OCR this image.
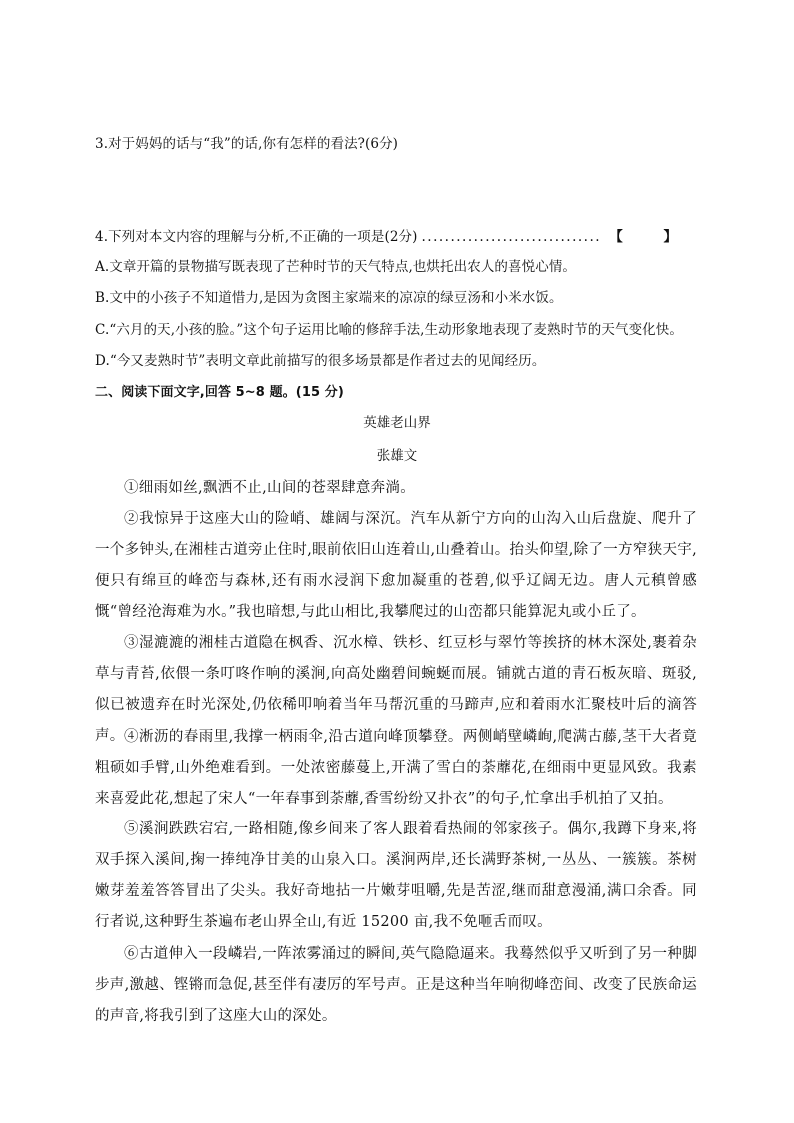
3.对于妈妈的话与“我”的话,你有怎样的看法?(6分)
4.下列对本文内容的理解与分析,不正确的一项是(2分) ............................... 【 】
A.文章开篇的景物描写既表现了芒种时节的天气特点,也烘托出农人的喜悦心情。
B.文中的小孩子不知道惜力,是因为贪图主家端来的凉凉的绿豆汤和小米水饭。
C.“六月的天,小孩的脸。”这个句子运用比喻的修辞手法,生动形象地表现了麦熟时节的天气变化快。
D.“今又麦熟时节”表明文章此前描写的很多场景都是作者过去的见闻经历。
二、阅读下面文字,回答 5~8 题。(15 分)
英雄老山界
张雄文

①细雨如丝,飘洒不止,山间的苍翠肆意奔淌。

②我惊异于这座大山的险峭、雄阔与深沉。汽车从新宁方向的山沟入山后盘旋、爬升了一个多钟头,在湘桂古道旁止住时,眼前依旧山连着山,山叠着山。抬头仰望,除了一方窄狭天宇,便只有绵亘的峰峦与森林,还有雨水浸润下愈加凝重的苍碧,似乎辽阔无边。唐人元稹曾感慨“曾经沧海难为水。”我也暗想,与此山相比,我攀爬过的山峦都只能算泥丸或小丘了。

③湿漉漉的湘桂古道隐在枫香、沉水樟、铁杉、红豆杉与翠竹等挨挤的林木深处,裹着杂草与青苔,依偎一条叮咚作响的溪涧,向高处幽碧间蜿蜒而展。铺就古道的青石板灰暗、斑驳,似已被遗弃在时光深处,仍依稀叩响着当年马帮沉重的马蹄声,应和着雨水汇聚枝叶后的滴答声。 ④淅沥的春雨里,我撑一柄雨伞,沿古道向峰顶攀登。两侧峭壁嶙峋,爬满古藤,茎干大者竟粗硕如手臂,山外绝难看到。一处浓密藤蔓上,开满了雪白的荼蘼花,在细雨中更显风致。我素来喜爱此花,想起了宋人“一年春事到荼蘼,香雪纷纷又扑衣”的句子,忙拿出手机拍了又拍。

⑤溪涧跌跌宕宕,一路相随,像乡间来了客人跟着看热闹的邻家孩子。偶尔,我蹲下身来,将双手探入溪间,掬一捧纯净甘美的山泉入口。溪涧两岸,还长满野茶树,一丛丛、一簇簇。茶树嫩芽羞羞答答冒出了尖头。我好奇地拈一片嫩芽咀嚼,先是苦涩,继而甜意漫涌,满口余香。同行者说,这种野生茶遍布老山界全山,有近 15200 亩,我不免咂舌而叹。

⑥古道伸入一段嶙岩,一阵浓雾涌过的瞬间,英气隐隐逼来。我蓦然似乎又听到了另一种脚步声,激越、铿锵而急促,甚至伴有凄厉的军号声。正是这种当年响彻峰峦间、改变了民族命运的声音,将我引到了这座大山的深处。
